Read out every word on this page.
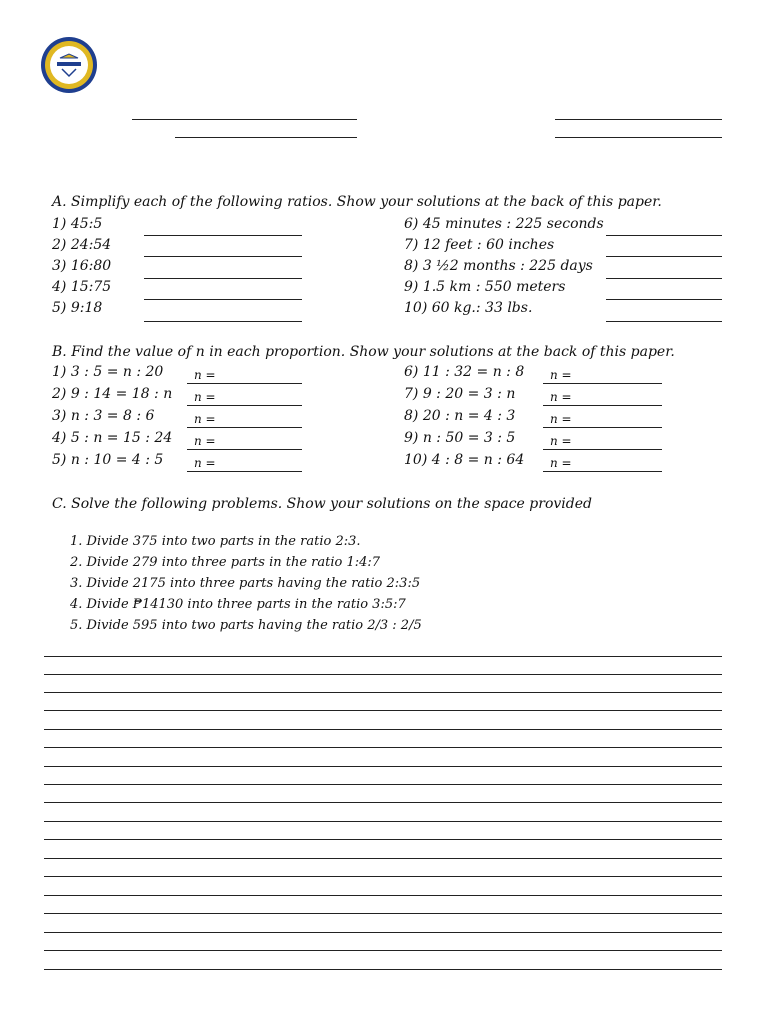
A. Simplify each of the following ratios. Show your solutions at the back of this paper.
1) 45:5
2) 24:54
3) 16:80
4) 15:75
5) 9:18
6) 45 minutes : 225 seconds
7) 12 feet : 60 inches
8) 3 ½2 months : 225 days
9) 1.5 km : 550 meters
10) 60 kg.: 33 lbs.
B. Find the value of n in each proportion. Show your solutions at the back of this paper.
1) 3 : 5 = n : 20
2) 9 : 14 = 18 : n
3) n : 3 = 8 : 6
4) 5 : n = 15 : 24
5) n : 10 = 4 : 5
n =
n =
n =
n =
n =
6) 11 : 32 = n : 8
7) 9 : 20 = 3 : n
8) 20 : n = 4 : 3
9) n : 50 = 3 : 5
10) 4 : 8 = n : 64
n =
n =
n =
n =
n =
C. Solve the following problems. Show your solutions on the space provided
1. Divide 375 into two parts in the ratio 2:3.
2. Divide 279 into three parts in the ratio 1:4:7
3. Divide 2175 into three parts having the ratio 2:3:5
4. Divide ₱14130 into three parts in the ratio 3:5:7
5. Divide 595 into two parts having the ratio 2/3 : 2/5
